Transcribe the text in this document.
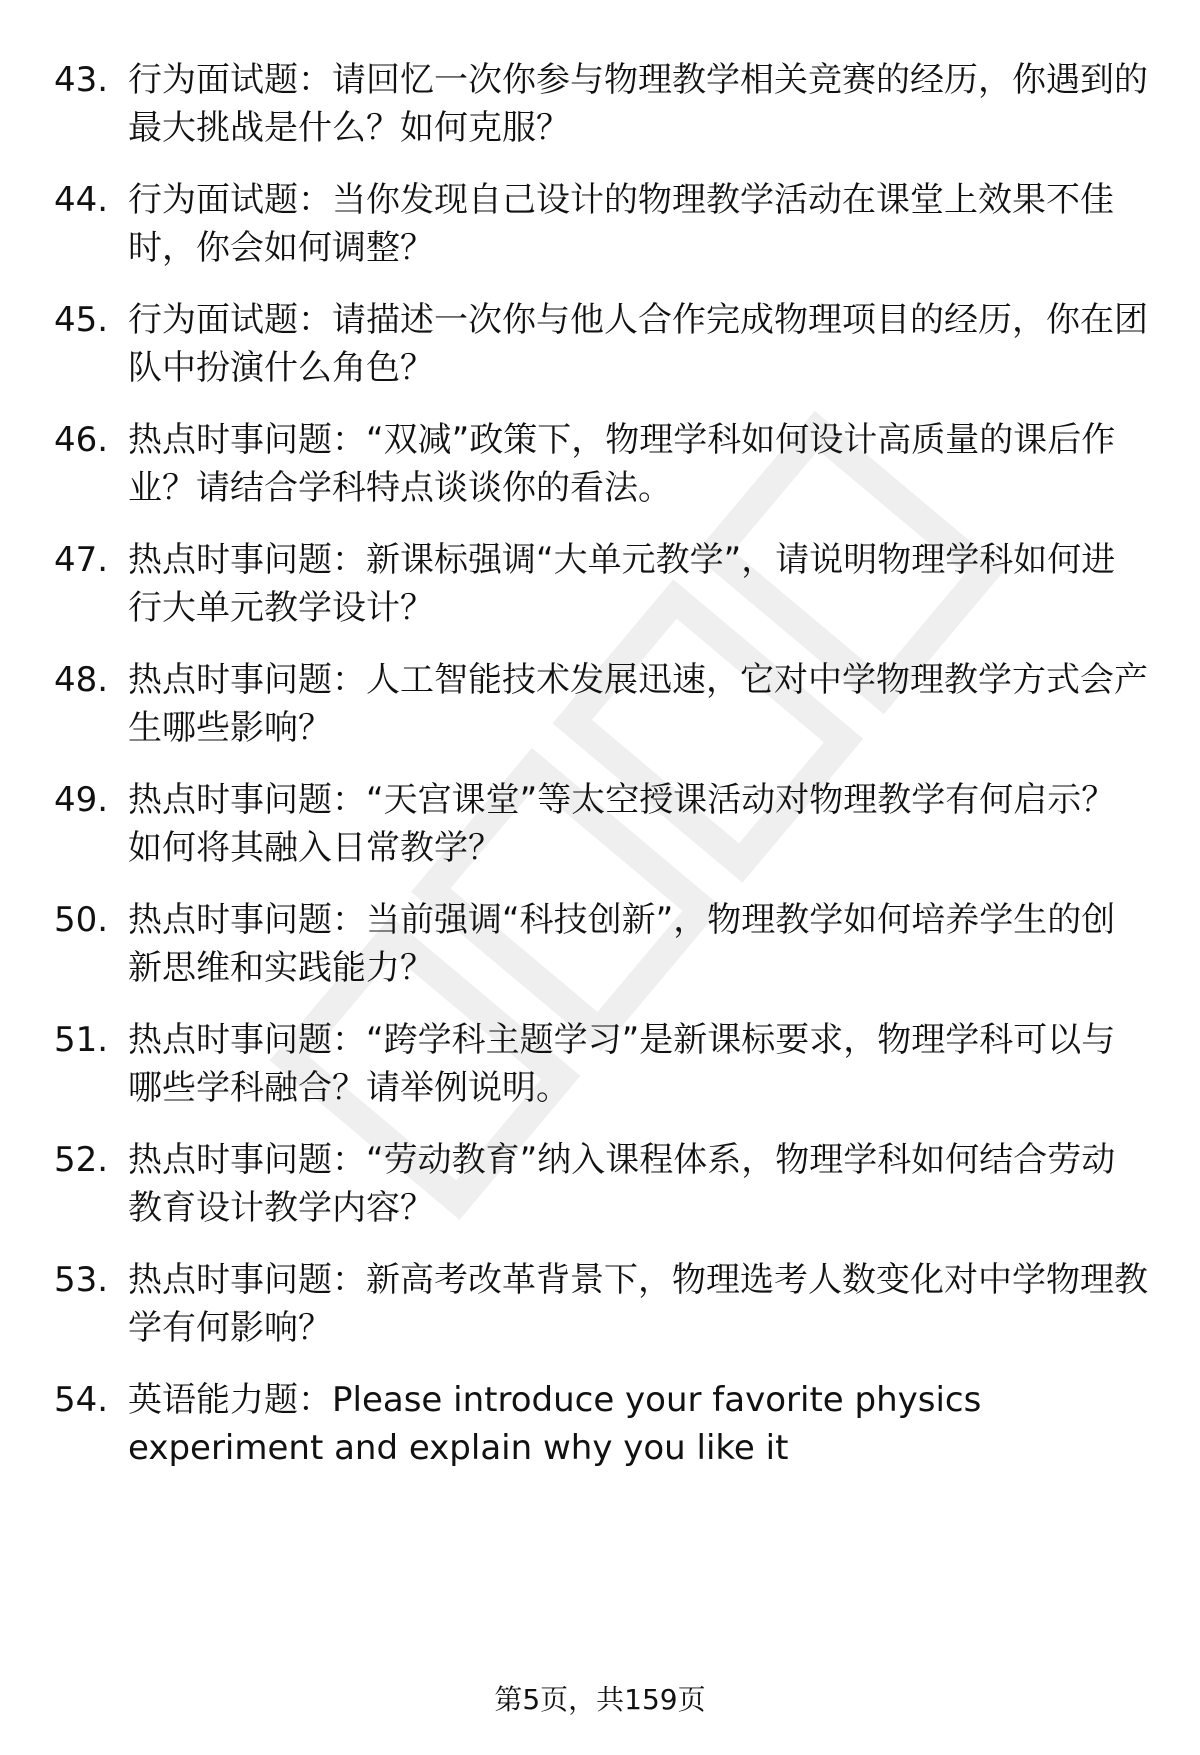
43. 行为面试题：请回忆一次你参与物理教学相关竞赛的经历，你遇到的最大挑战是什么？如何克服？

44. 行为面试题：当你发现自己设计的物理教学活动在课堂上效果不佳时，你会如何调整？

45. 行为面试题：请描述一次你与他人合作完成物理项目的经历，你在团队中扮演什么角色？

46. 热点时事问题：“双减”政策下，物理学科如何设计高质量的课后作业？请结合学科特点谈谈你的看法。

47. 热点时事问题：新课标强调“大单元教学”，请说明物理学科如何进行大单元教学设计？

48. 热点时事问题：人工智能技术发展迅速，它对中学物理教学方式会产生哪些影响？

49. 热点时事问题：“天宫课堂”等太空授课活动对物理教学有何启示？如何将其融入日常教学？

50. 热点时事问题：当前强调“科技创新”，物理教学如何培养学生的创新思维和实践能力？

51. 热点时事问题：“跨学科主题学习”是新课标要求，物理学科可以与哪些学科融合？请举例说明。

52. 热点时事问题：“劳动教育”纳入课程体系，物理学科如何结合劳动教育设计教学内容？

53. 热点时事问题：新高考改革背景下，物理选考人数变化对中学物理教学有何影响？

54. 英语能力题：Please introduce your favorite physics experiment and explain why you like it

第5页，共159页
